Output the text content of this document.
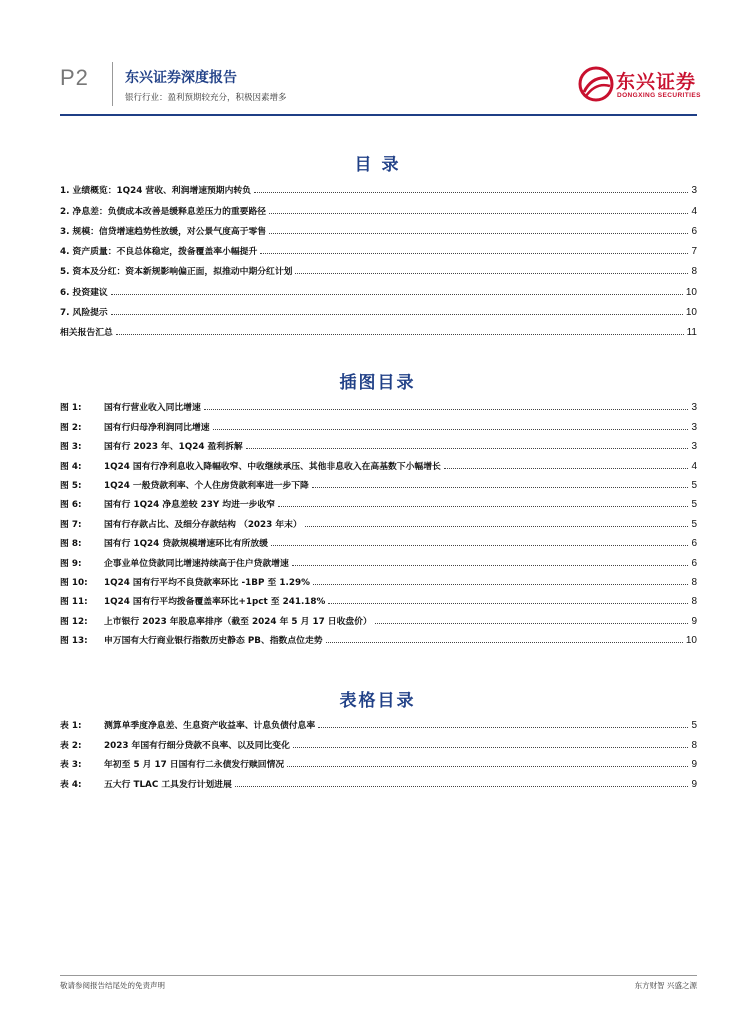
P2	东兴证券深度报告
银行行业：盈利预期较充分，积极因素增多
东兴证券
DONGXING SECURITIES
目 录
1. 业绩概览：1Q24 营收、利润增速预期内转负	3
2. 净息差：负债成本改善是缓释息差压力的重要路径	4
3. 规模：信贷增速趋势性放缓，对公景气度高于零售	6
4. 资产质量：不良总体稳定，拨备覆盖率小幅提升	7
5. 资本及分红：资本新规影响偏正面，拟推动中期分红计划	8
6. 投资建议	10
7. 风险提示	10
相关报告汇总	11
插图目录
图 1:	国有行营业收入同比增速	3
图 2:	国有行归母净利润同比增速	3
图 3:	国有行 2023 年、1Q24 盈利拆解	3
图 4:	1Q24 国有行净利息收入降幅收窄、中收继续承压、其他非息收入在高基数下小幅增长	4
图 5:	1Q24 一般贷款利率、个人住房贷款利率进一步下降	5
图 6:	国有行 1Q24 净息差较 23Y 均进一步收窄	5
图 7:	国有行存款占比、及细分存款结构 （2023 年末）	5
图 8:	国有行 1Q24 贷款规模增速环比有所放缓	6
图 9:	企事业单位贷款同比增速持续高于住户贷款增速	6
图 10: 1Q24 国有行平均不良贷款率环比 -1BP 至 1.29%	8
图 11: 1Q24 国有行平均拨备覆盖率环比+1pct 至 241.18%	8
图 12: 上市银行 2023 年股息率排序（截至 2024 年 5 月 17 日收盘价）	9
图 13: 申万国有大行商业银行指数历史静态 PB、指数点位走势	10
表格目录
表 1:	测算单季度净息差、生息资产收益率、计息负债付息率	5
表 2:	2023 年国有行细分贷款不良率、以及同比变化	8
表 3:	年初至 5 月 17 日国有行二永债发行赎回情况	9
表 4:	五大行 TLAC 工具发行计划进展	9
敬请参阅报告结尾处的免责声明	东方财智 兴盛之源
